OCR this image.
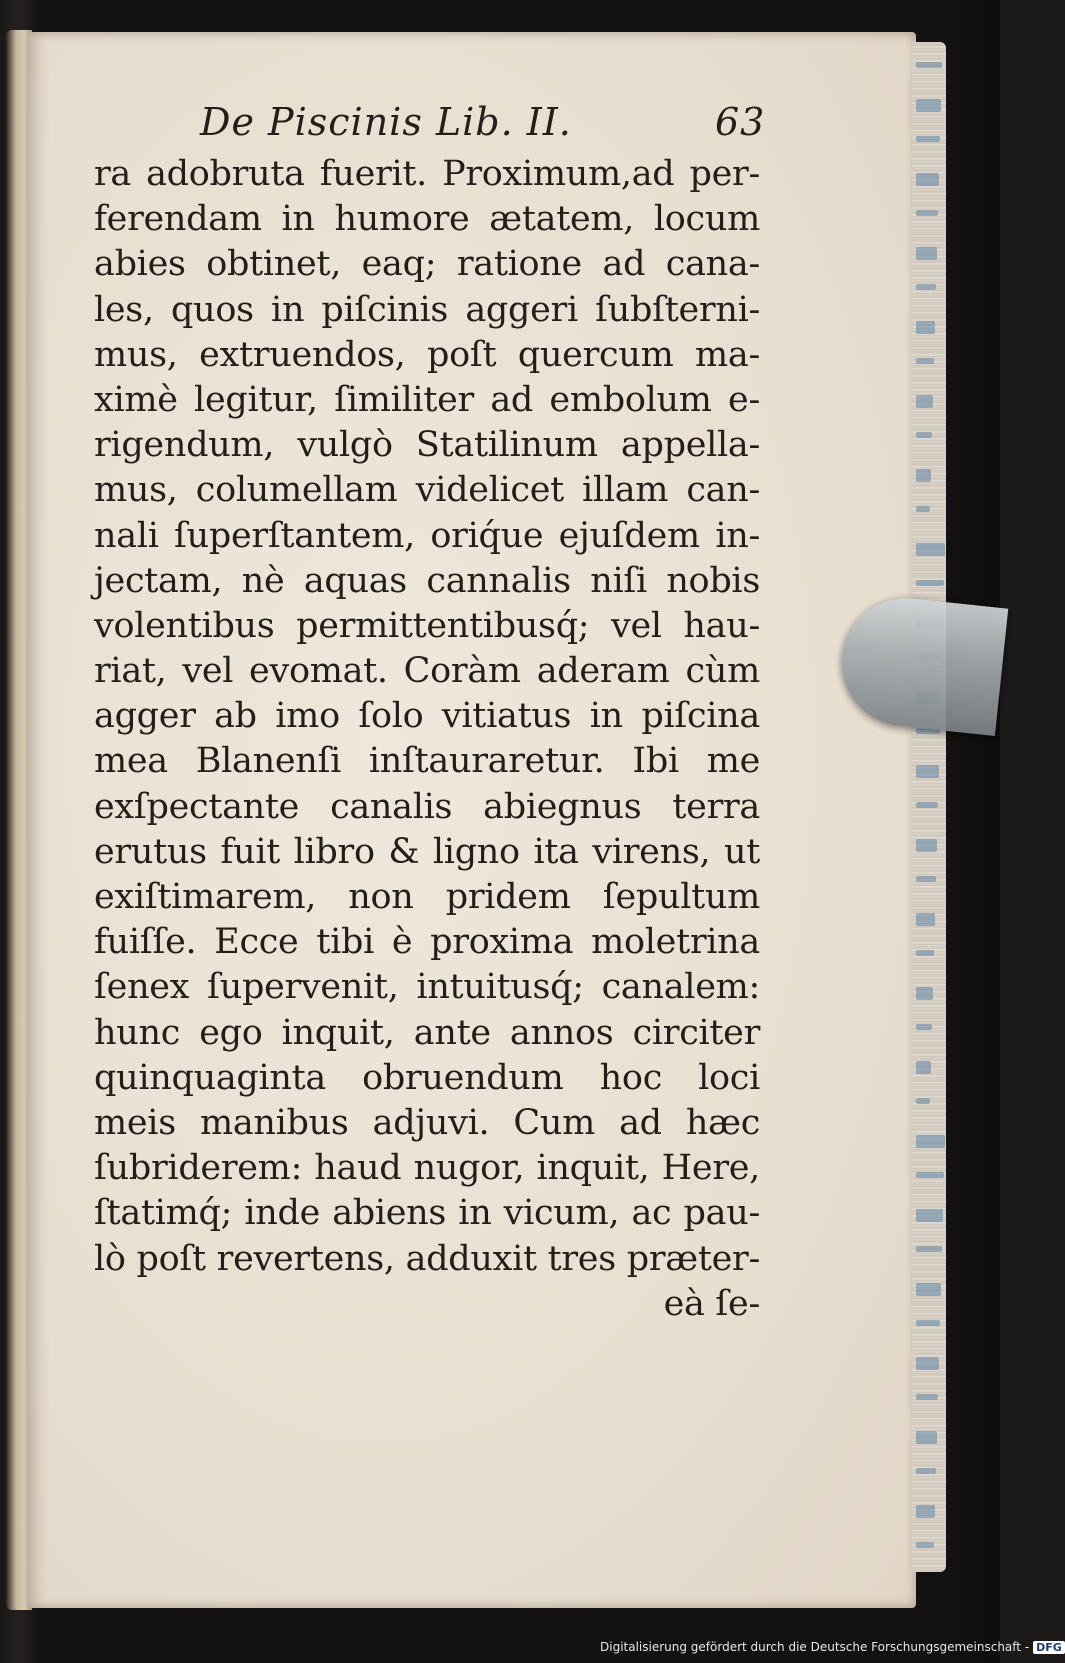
De Piscinis Lib. II.	63
ra adobruta fuerit. Proximum,ad per-
ferendam in humore ætatem, locum
abies obtinet, eaq; ratione ad cana-
les, quos in piſcinis aggeri ſubſterni-
mus, extruendos, poſt quercum ma-
ximè legitur, ſimiliter ad embolum e-
rigendum, vulgò Statilinum appella-
mus, columellam videlicet illam can-
nali ſuperſtantem, oriq́ue ejuſdem in-
jectam, nè aquas cannalis niſi nobis
volentibus permittentibusq́; vel hau-
riat, vel evomat. Coràm aderam cùm
agger ab imo ſolo vitiatus in piſcina
mea Blanenſi inſtauraretur. Ibi me
exſpectante canalis abiegnus terra
erutus fuit libro & ligno ita virens, ut
exiſtimarem, non pridem ſepultum
fuiſſe. Ecce tibi è proxima moletrina
ſenex ſupervenit, intuitusq́; canalem:
hunc ego inquit, ante annos circiter
quinquaginta obruendum hoc loci
meis manibus adjuvi. Cum ad hæc
ſubriderem: haud nugor, inquit, Here,
ſtatimq́; inde abiens in vicum, ac pau-
lò poſt revertens, adduxit tres præter-
eà ſe-
Digitalisierung gefördert durch die Deutsche Forschungsgemeinschaft - DFG
